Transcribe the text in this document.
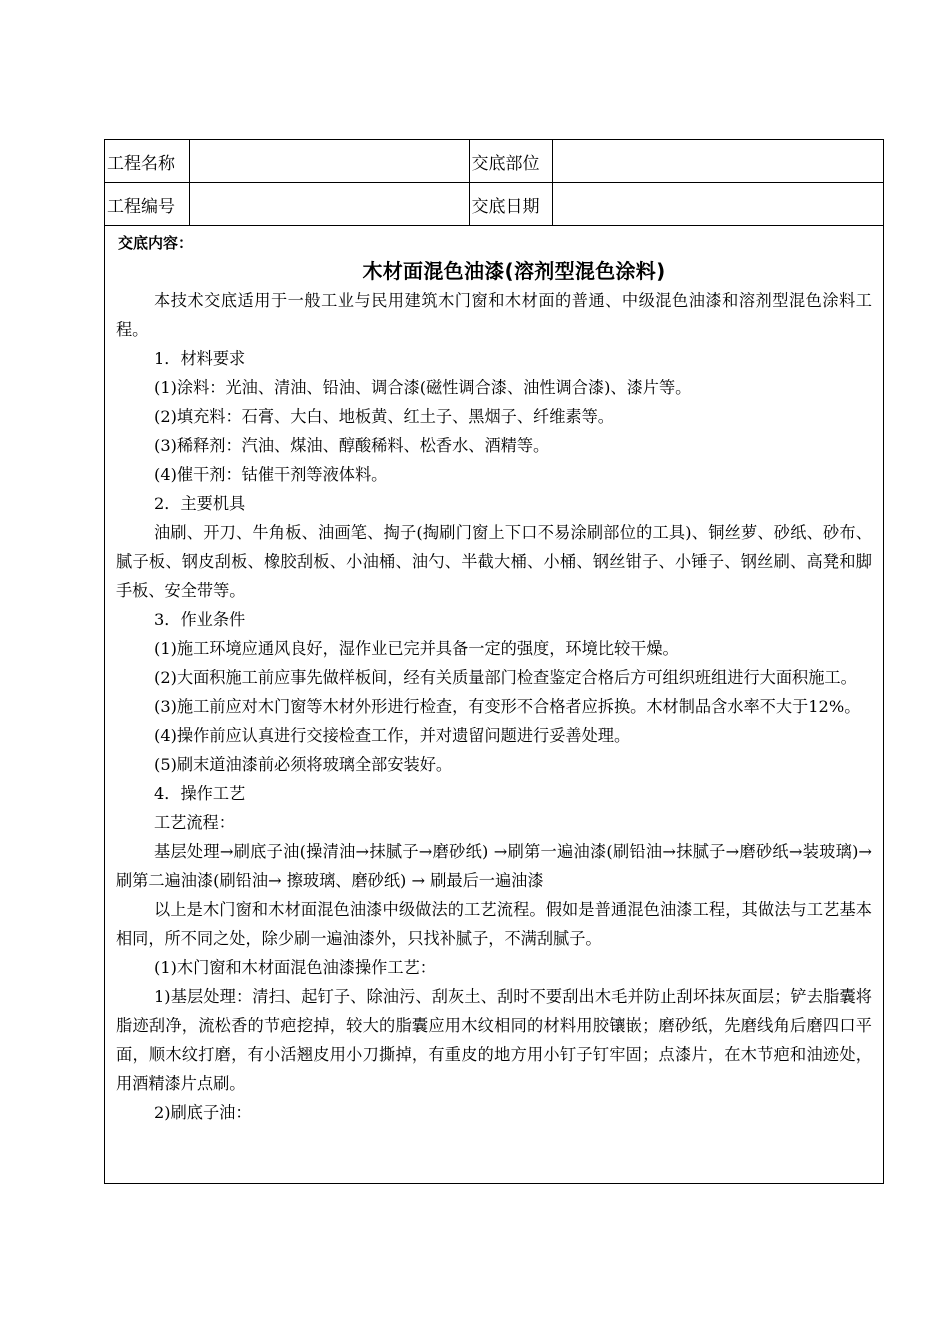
工程名称		交底部位	
工程编号		交底日期	
交底内容：
木材面混色油漆(溶剂型混色涂料)

本技术交底适用于一般工业与民用建筑木门窗和木材面的普通、中级混色油漆和溶剂型混色涂料工程。

1．材料要求

(1)涂料：光油、清油、铅油、调合漆(磁性调合漆、油性调合漆)、漆片等。

(2)填充料：石膏、大白、地板黄、红土子、黑烟子、纤维素等。

(3)稀释剂：汽油、煤油、醇酸稀料、松香水、酒精等。

(4)催干剂：钴催干剂等液体料。

2．主要机具

油刷、开刀、牛角板、油画笔、掏子(掏刷门窗上下口不易涂刷部位的工具)、铜丝萝、砂纸、砂布、腻子板、钢皮刮板、橡胶刮板、小油桶、油勺、半截大桶、小桶、钢丝钳子、小锤子、钢丝刷、高凳和脚手板、安全带等。

3．作业条件

(1)施工环境应通风良好，湿作业已完并具备一定的强度，环境比较干燥。

(2)大面积施工前应事先做样板间，经有关质量部门检查鉴定合格后方可组织班组进行大面积施工。

(3)施工前应对木门窗等木材外形进行检查，有变形不合格者应拆换。木材制品含水率不大于12%。

(4)操作前应认真进行交接检查工作，并对遗留问题进行妥善处理。

(5)刷末道油漆前必须将玻璃全部安装好。

4．操作工艺

工艺流程：

基层处理→刷底子油(操清油→抹腻子→磨砂纸) →刷第一遍油漆(刷铅油→抹腻子→磨砂纸→装玻璃)→刷第二遍油漆(刷铅油→ 擦玻璃、磨砂纸) → 刷最后一遍油漆

以上是木门窗和木材面混色油漆中级做法的工艺流程。假如是普通混色油漆工程，其做法与工艺基本相同，所不同之处，除少刷一遍油漆外，只找补腻子，不满刮腻子。

(1)木门窗和木材面混色油漆操作工艺：

1)基层处理：清扫、起钉子、除油污、刮灰土、刮时不要刮出木毛并防止刮坏抹灰面层；铲去脂囊将脂迹刮净，流松香的节疤挖掉，较大的脂囊应用木纹相同的材料用胶镶嵌；磨砂纸，先磨线角后磨四口平面，顺木纹打磨，有小活翘皮用小刀撕掉，有重皮的地方用小钉子钉牢固；点漆片，在木节疤和油迹处，用酒精漆片点刷。

2)刷底子油：
